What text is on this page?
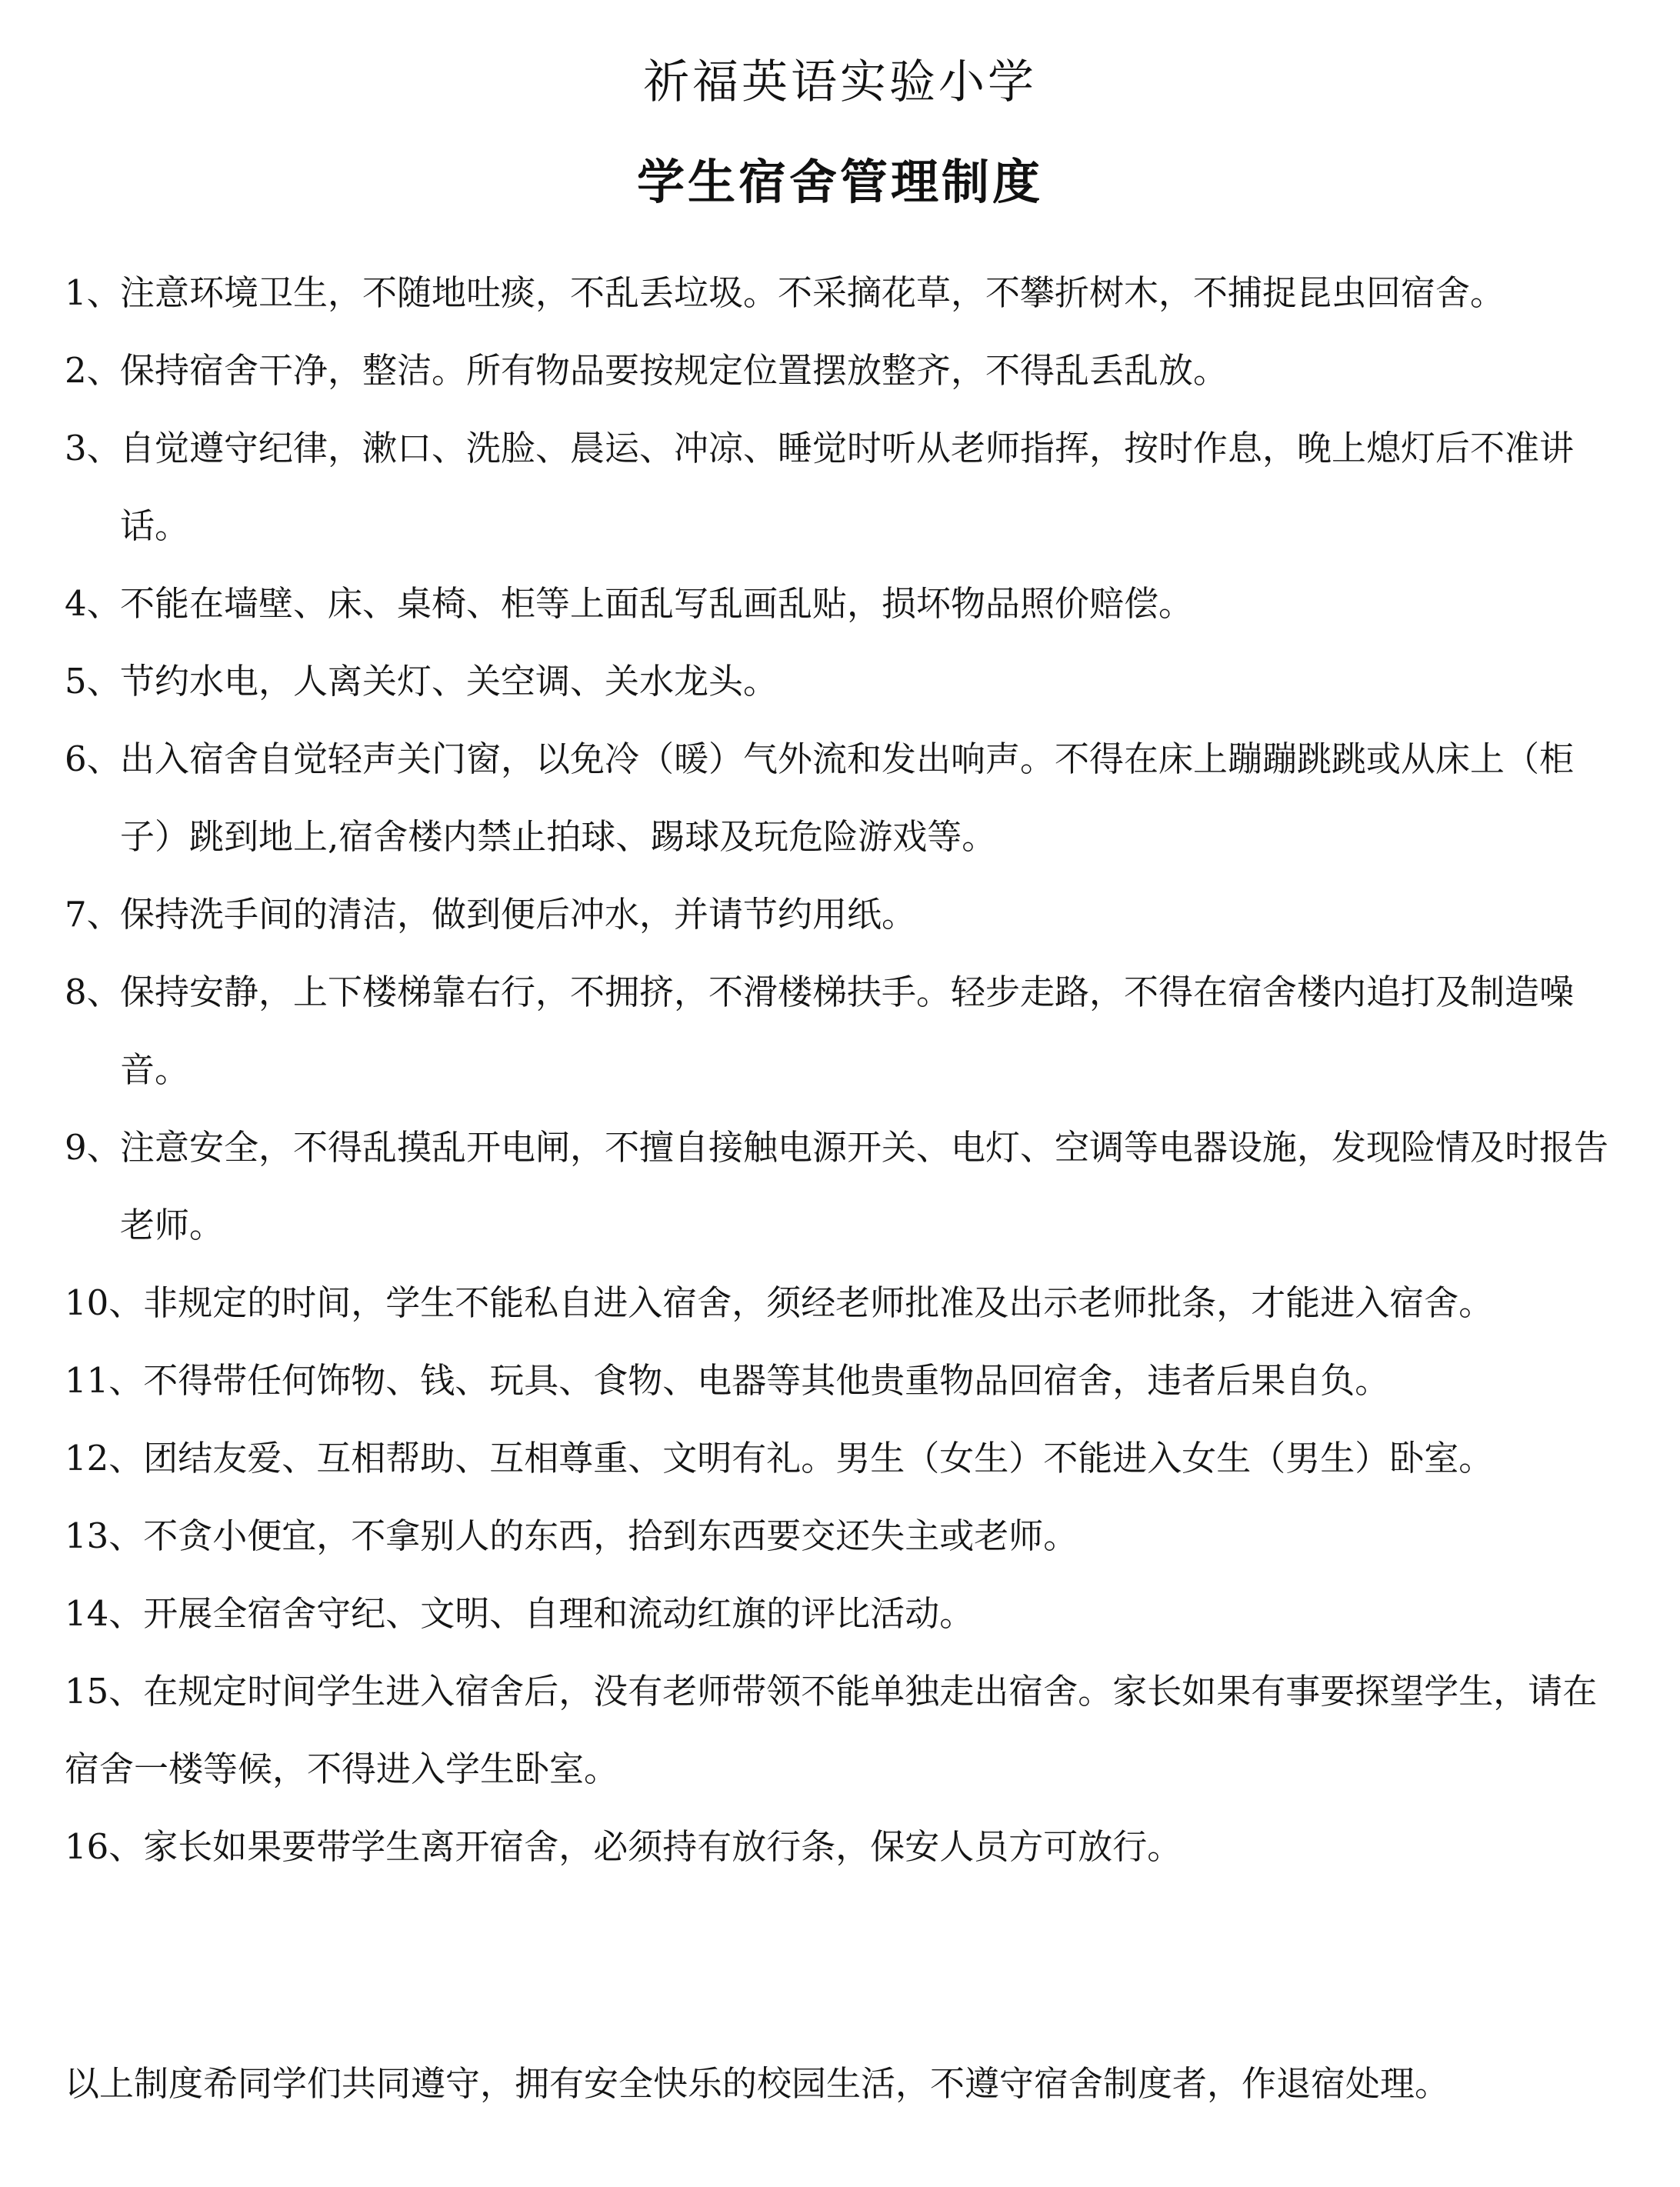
祈福英语实验小学
学生宿舍管理制度
1、
注意环境卫生，不随地吐痰，不乱丢垃圾。不采摘花草，不攀折树木，不捕捉昆虫回宿舍。
2、
保持宿舍干净，整洁。所有物品要按规定位置摆放整齐，不得乱丢乱放。
3、
自觉遵守纪律，漱口、洗脸、晨运、冲凉、睡觉时听从老师指挥，按时作息，晚上熄灯后不准讲话。
4、
不能在墙壁、床、桌椅、柜等上面乱写乱画乱贴，损坏物品照价赔偿。
5、
节约水电，人离关灯、关空调、关水龙头。
6、
出入宿舍自觉轻声关门窗，以免冷（暖）气外流和发出响声。不得在床上蹦蹦跳跳或从床上（柜子）跳到地上,宿舍楼内禁止拍球、踢球及玩危险游戏等。
7、
保持洗手间的清洁，做到便后冲水，并请节约用纸。
8、
保持安静，上下楼梯靠右行，不拥挤，不滑楼梯扶手。轻步走路，不得在宿舍楼内追打及制造噪音。
9、
注意安全，不得乱摸乱开电闸，不擅自接触电源开关、电灯、空调等电器设施，发现险情及时报告老师。
10、 非规定的时间，学生不能私自进入宿舍，须经老师批准及出示老师批条，才能进入宿舍。
11、 不得带任何饰物、钱、玩具、食物、电器等其他贵重物品回宿舍，违者后果自负。
12、 团结友爱、互相帮助、互相尊重、文明有礼。男生（女生）不能进入女生（男生）卧室。
13、 不贪小便宜，不拿别人的东西，拾到东西要交还失主或老师。
14、 开展全宿舍守纪、文明、自理和流动红旗的评比活动。
15、在规定时间学生进入宿舍后，没有老师带领不能单独走出宿舍。家长如果有事要探望学生，请在宿舍一楼等候，不得进入学生卧室。
16、 家长如果要带学生离开宿舍，必须持有放行条，保安人员方可放行。
以上制度希同学们共同遵守，拥有安全快乐的校园生活，不遵守宿舍制度者，作退宿处理。
